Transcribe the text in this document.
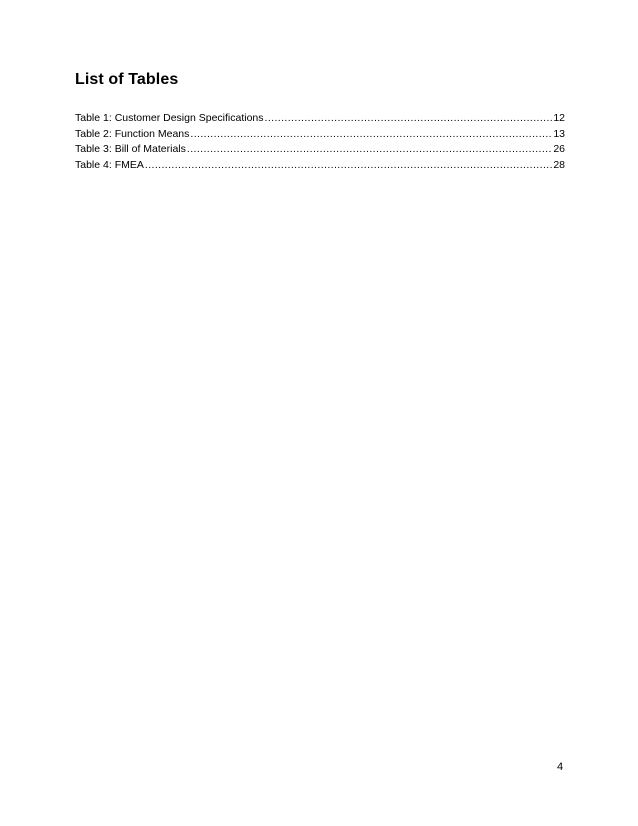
List of Tables
Table 1: Customer Design Specifications .....	12
Table 2: Function Means .....	13
Table 3: Bill of Materials .....	26
Table 4: FMEA .....	28
4
